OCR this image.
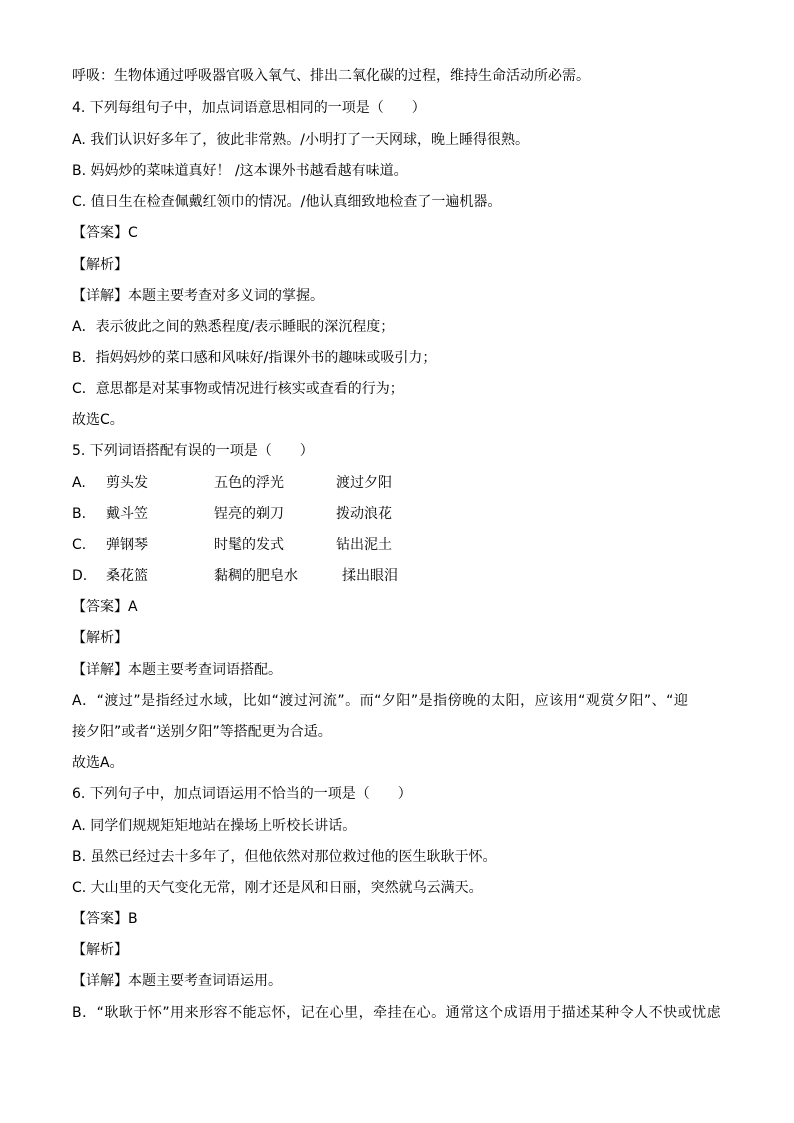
呼吸：生物体通过呼吸器官吸入氧气、排出二氧化碳的过程，维持生命活动所必需。
4. 下列每组句子中，加点词语意思相同的一项是（　　）
A. 我们认识好多年了，彼此非常熟。/小明打了一天网球，晚上睡得很熟。
B. 妈妈炒的菜味道真好！ /这本课外书越看越有味道。
C. 值日生在检查佩戴红领巾的情况。/他认真细致地检查了一遍机器。
【答案】C
【解析】
【详解】本题主要考查对多义词的掌握。
A．表示彼此之间的熟悉程度/表示睡眠的深沉程度；
B．指妈妈炒的菜口感和风味好/指课外书的趣味或吸引力；
C．意思都是对某事物或情况进行核实或查看的行为；
故选C。
5. 下列词语搭配有误的一项是（　　）
A. 剪头发	五色的浮光	渡过夕阳
B. 戴斗笠	锃亮的剃刀	拨动浪花
C. 弹钢琴	时髦的发式	钻出泥土
D. 桑花篮	黏稠的肥皂水	揉出眼泪
【答案】A
【解析】
【详解】本题主要考查词语搭配。
A．“渡过”是指经过水域，比如“渡过河流”。而“夕阳”是指傍晚的太阳，应该用“观赏夕阳”、“迎
接夕阳”或者“送别夕阳”等搭配更为合适。
故选A。
6. 下列句子中，加点词语运用不恰当的一项是（　　）
A. 同学们规规矩矩地站在操场上听校长讲话。
B. 虽然已经过去十多年了，但他依然对那位救过他的医生耿耿于怀。
C. 大山里的天气变化无常，刚才还是风和日丽，突然就乌云满天。
【答案】B
【解析】
【详解】本题主要考查词语运用。
B．“耿耿于怀”用来形容不能忘怀，记在心里，牵挂在心。通常这个成语用于描述某种令人不快或忧虑
